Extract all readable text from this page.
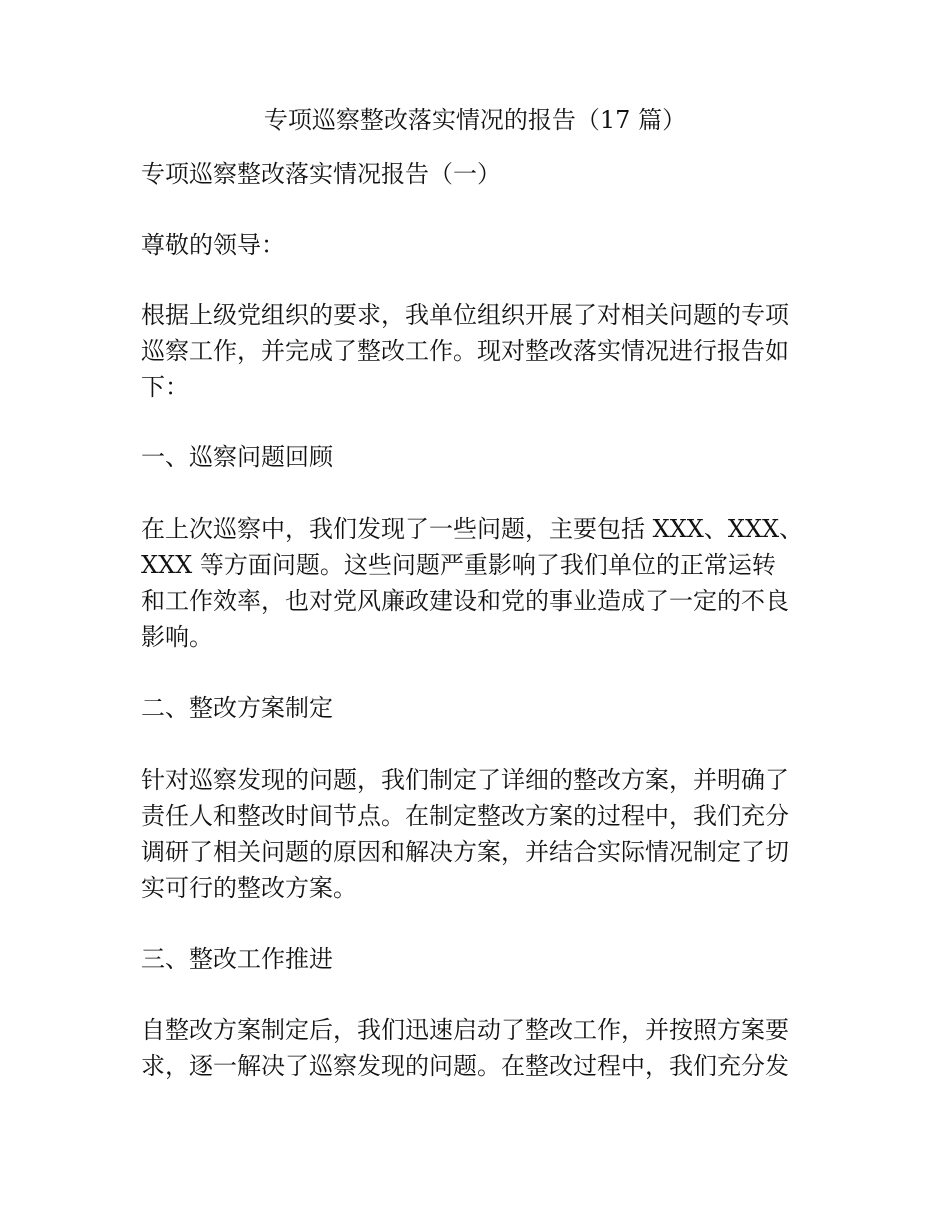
专项巡察整改落实情况的报告（17 篇）
专项巡察整改落实情况报告（一）
尊敬的领导：
根据上级党组织的要求，我单位组织开展了对相关问题的专项
巡察工作，并完成了整改工作。现对整改落实情况进行报告如
下：
一、巡察问题回顾
在上次巡察中，我们发现了一些问题，主要包括 XXX、XXX、
XXX 等方面问题。这些问题严重影响了我们单位的正常运转
和工作效率，也对党风廉政建设和党的事业造成了一定的不良
影响。
二、整改方案制定
针对巡察发现的问题，我们制定了详细的整改方案，并明确了
责任人和整改时间节点。在制定整改方案的过程中，我们充分
调研了相关问题的原因和解决方案，并结合实际情况制定了切
实可行的整改方案。
三、整改工作推进
自整改方案制定后，我们迅速启动了整改工作，并按照方案要
求，逐一解决了巡察发现的问题。在整改过程中，我们充分发
